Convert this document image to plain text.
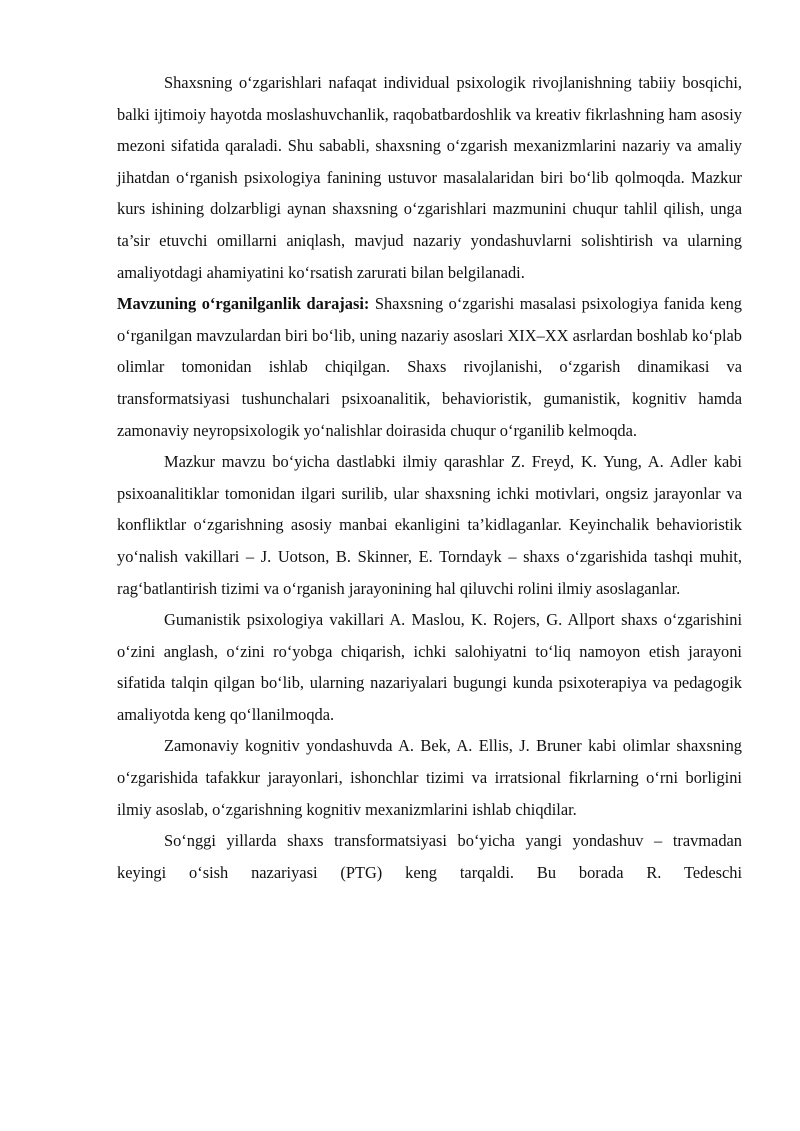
Shaxsning o‘zgarishlari nafaqat individual psixologik rivojlanishning tabiiy bosqichi, balki ijtimoiy hayotda moslashuvchanlik, raqobatbardoshlik va kreativ fikrlashning ham asosiy mezoni sifatida qaraladi. Shu sababli, shaxsning o‘zgarish mexanizmlarini nazariy va amaliy jihatdan o‘rganish psixologiya fanining ustuvor masalalaridan biri bo‘lib qolmoqda. Mazkur kurs ishining dolzarbligi aynan shaxsning o‘zgarishlari mazmunini chuqur tahlil qilish, unga ta’sir etuvchi omillarni aniqlash, mavjud nazariy yondashuvlarni solishtirish va ularning amaliyotdagi ahamiyatini ko‘rsatish zarurati bilan belgilanadi.

Mavzuning o‘rganilganlik darajasi: Shaxsning o‘zgarishi masalasi psixologiya fanida keng o‘rganilgan mavzulardan biri bo‘lib, uning nazariy asoslari XIX–XX asrlardan boshlab ko‘plab olimlar tomonidan ishlab chiqilgan. Shaxs rivojlanishi, o‘zgarish dinamikasi va transformatsiyasi tushunchalari psixoanalitik, behavioristik, gumanistik, kognitiv hamda zamonaviy neyropsixologik yo‘nalishlar doirasida chuqur o‘rganilib kelmoqda.

Mazkur mavzu bo‘yicha dastlabki ilmiy qarashlar Z. Freyd, K. Yung, A. Adler kabi psixoanalitiklar tomonidan ilgari surilib, ular shaxsning ichki motivlari, ongsiz jarayonlar va konfliktlar o‘zgarishning asosiy manbai ekanligini ta’kidlaganlar. Keyinchalik behavioristik yo‘nalish vakillari – J. Uotson, B. Skinner, E. Torndayk – shaxs o‘zgarishida tashqi muhit, rag‘batlantirish tizimi va o‘rganish jarayonining hal qiluvchi rolini ilmiy asoslaganlar.

Gumanistik psixologiya vakillari A. Maslou, K. Rojers, G. Allport shaxs o‘zgarishini o‘zini anglash, o‘zini ro‘yobga chiqarish, ichki salohiyatni to‘liq namoyon etish jarayoni sifatida talqin qilgan bo‘lib, ularning nazariyalari bugungi kunda psixoterapiya va pedagogik amaliyotda keng qo‘llanilmoqda.

Zamonaviy kognitiv yondashuvda A. Bek, A. Ellis, J. Bruner kabi olimlar shaxsning o‘zgarishida tafakkur jarayonlari, ishonchlar tizimi va irratsional fikrlarning o‘rni borligini ilmiy asoslab, o‘zgarishning kognitiv mexanizmlarini ishlab chiqdilar.

So‘nggi yillarda shaxs transformatsiyasi bo‘yicha yangi yondashuv – travmadan keyingi o‘sish nazariyasi (PTG) keng tarqaldi. Bu borada R. Tedeschi
